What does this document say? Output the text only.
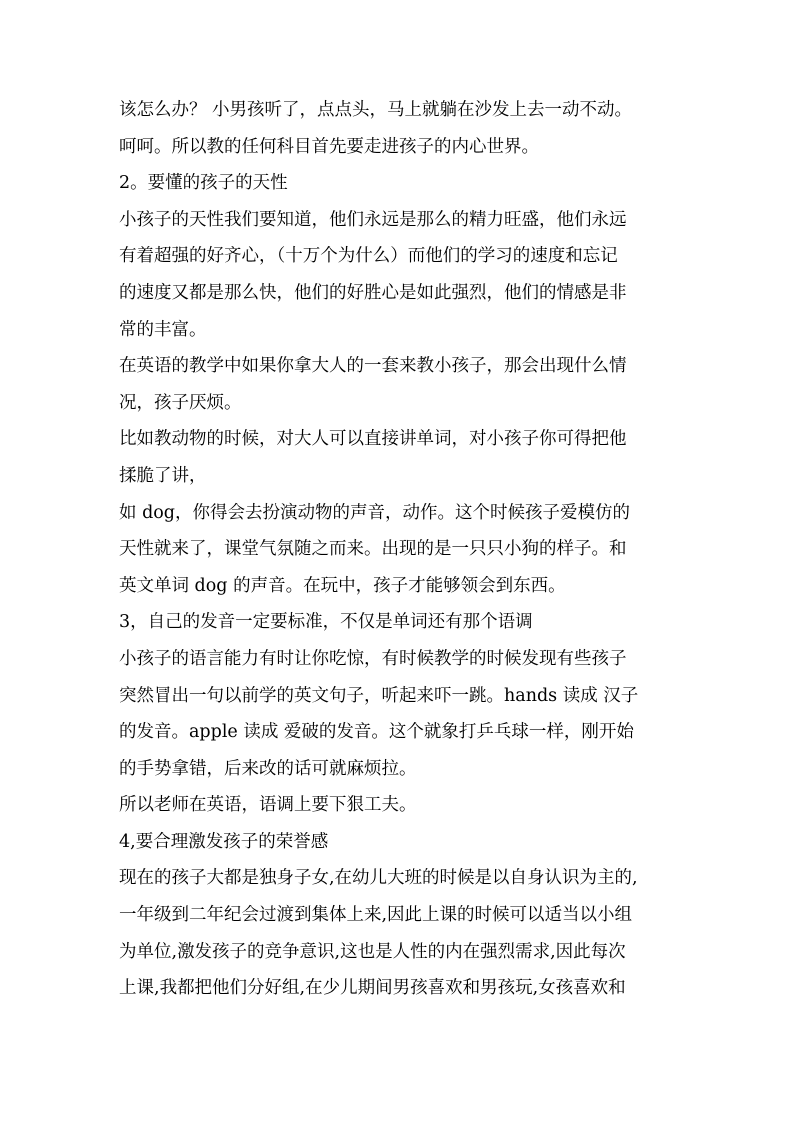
该怎么办？ 小男孩听了，点点头，马上就躺在沙发上去一动不动。
呵呵。所以教的任何科目首先要走进孩子的内心世界。
2。要懂的孩子的天性
小孩子的天性我们要知道，他们永远是那么的精力旺盛，他们永远
有着超强的好齐心，（十万个为什么）而他们的学习的速度和忘记
的速度又都是那么快，他们的好胜心是如此强烈，他们的情感是非
常的丰富。
在英语的教学中如果你拿大人的一套来教小孩子，那会出现什么情
况，孩子厌烦。
比如教动物的时候，对大人可以直接讲单词，对小孩子你可得把他
揉脆了讲，
如 dog，你得会去扮演动物的声音，动作。这个时候孩子爱模仿的
天性就来了，课堂气氛随之而来。出现的是一只只小狗的样子。和
英文单词 dog 的声音。在玩中，孩子才能够领会到东西。
3，自己的发音一定要标准，不仅是单词还有那个语调
小孩子的语言能力有时让你吃惊，有时候教学的时候发现有些孩子
突然冒出一句以前学的英文句子，听起来吓一跳。hands 读成 汉子
的发音。apple 读成 爱破的发音。这个就象打乒乓球一样，刚开始
的手势拿错，后来改的话可就麻烦拉。
所以老师在英语，语调上要下狠工夫。
4,要合理激发孩子的荣誉感
现在的孩子大都是独身子女,在幼儿大班的时候是以自身认识为主的,
一年级到二年纪会过渡到集体上来,因此上课的时候可以适当以小组
为单位,激发孩子的竞争意识,这也是人性的内在强烈需求,因此每次
上课,我都把他们分好组,在少儿期间男孩喜欢和男孩玩,女孩喜欢和
